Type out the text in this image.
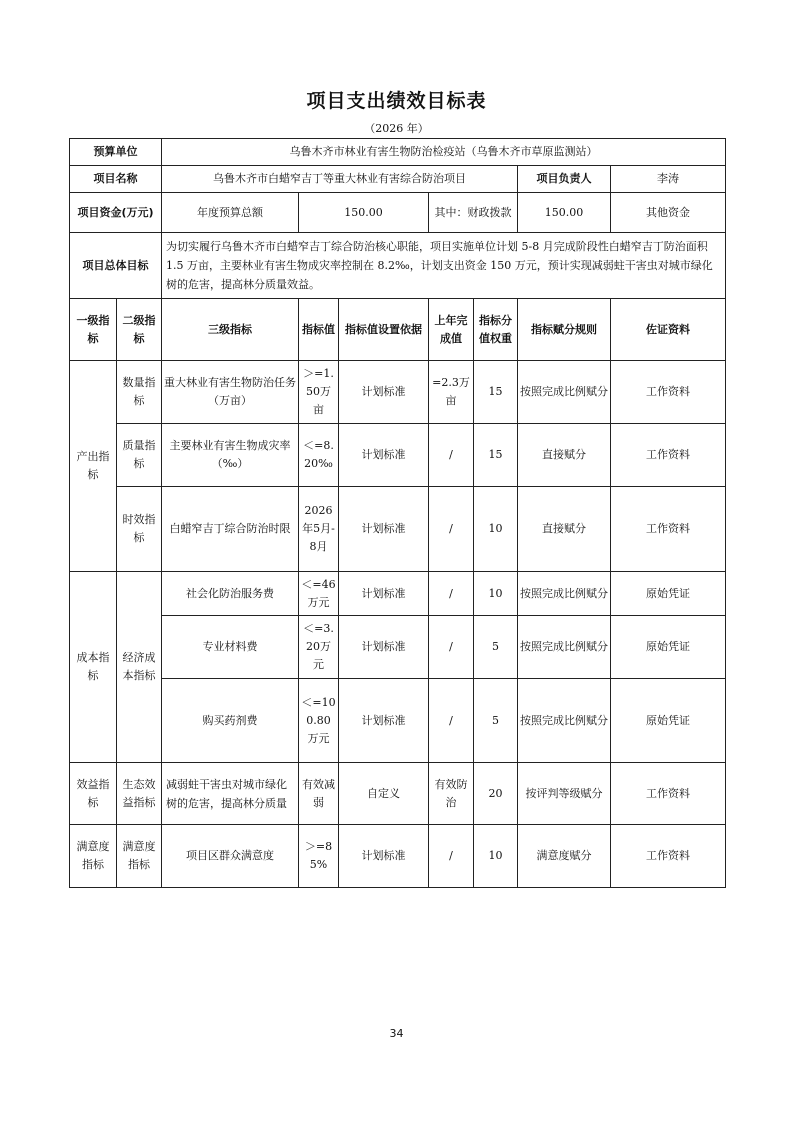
项目支出绩效目标表
（2026 年）
预算单位		乌鲁木齐市林业有害生物防治检疫站（乌鲁木齐市草原监测站）						
项目名称		乌鲁木齐市白蜡窄吉丁等重大林业有害综合防治项目					项目负责人	李涛
项目资金(万元)		年度预算总额	150.00		其中：财政拨款		150.00	其他资金
项目总体目标		为切实履行乌鲁木齐市白蜡窄吉丁综合防治核心职能，项目实施单位计划 5-8 月完成阶段性白蜡窄吉丁防治面积 1.5 万亩，主要林业有害生物成灾率控制在 8.2‰，计划支出资金 150 万元，预计实现减弱蛀干害虫对城市绿化树的危害，提高林分质量效益。						
一级指标	二级指标	三级指标	指标值	指标值设置依据	上年完成值	指标分值权重	指标赋分规则	佐证资料
产出指标	数量指标	重大林业有害生物防治任务（万亩）	＞=1.50万亩	计划标准	=2.3万亩	15	按照完成比例赋分	工作资料
	质量指标	主要林业有害生物成灾率（‰）	＜=8.20‰	计划标准	/	15	直接赋分	工作资料
	时效指标	白蜡窄吉丁综合防治时限	2026年5月-8月	计划标准	/	10	直接赋分	工作资料
成本指标	经济成本指标	社会化防治服务费	＜=46万元	计划标准	/	10	按照完成比例赋分	原始凭证
		专业材料费	＜=3.20万元	计划标准	/	5	按照完成比例赋分	原始凭证
		购买药剂费	＜=100.80万元	计划标准	/	5	按照完成比例赋分	原始凭证
效益指标	生态效益指标	减弱蛀干害虫对城市绿化树的危害，提高林分质量	有效减弱	自定义	有效防治	20	按评判等级赋分	工作资料
满意度指标	满意度指标	项目区群众满意度	＞=85%	计划标准	/	10	满意度赋分	工作资料
34
